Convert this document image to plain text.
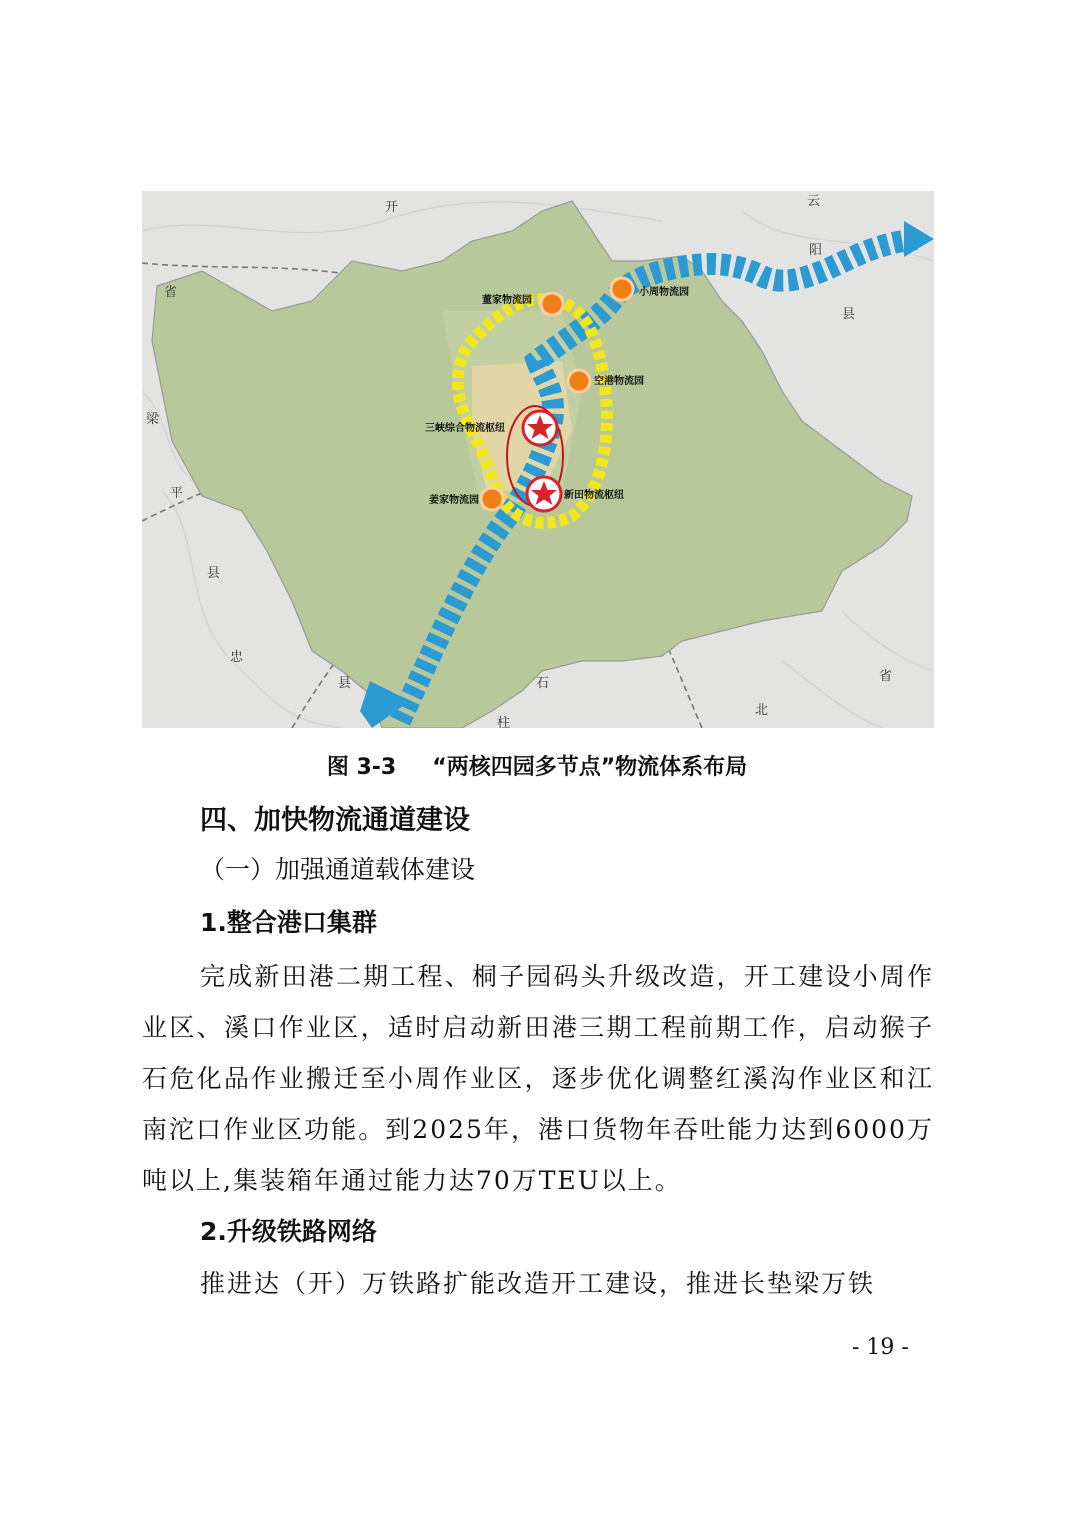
董家物流园
小周物流园
空港物流园
三峡综合物流枢纽
姜家物流园	新田物流枢纽
省
梁
平
县
忠
县	石
柱
北
省
云
阳
县
开
图 3-3 “两核四园多节点”物流体系布局
四、加快物流通道建设
（一）加强通道载体建设
1.整合港口集群
完成新田港二期工程、桐子园码头升级改造，开工建设小周作业区、溪口作业区，适时启动新田港三期工程前期工作，启动猴子石危化品作业搬迁至小周作业区，逐步优化调整红溪沟作业区和江南沱口作业区功能。到2025年，港口货物年吞吐能力达到6000万吨以上,集装箱年通过能力达70万TEU以上。
2.升级铁路网络
推进达（开）万铁路扩能改造开工建设，推进长垫梁万铁
- 19 -
